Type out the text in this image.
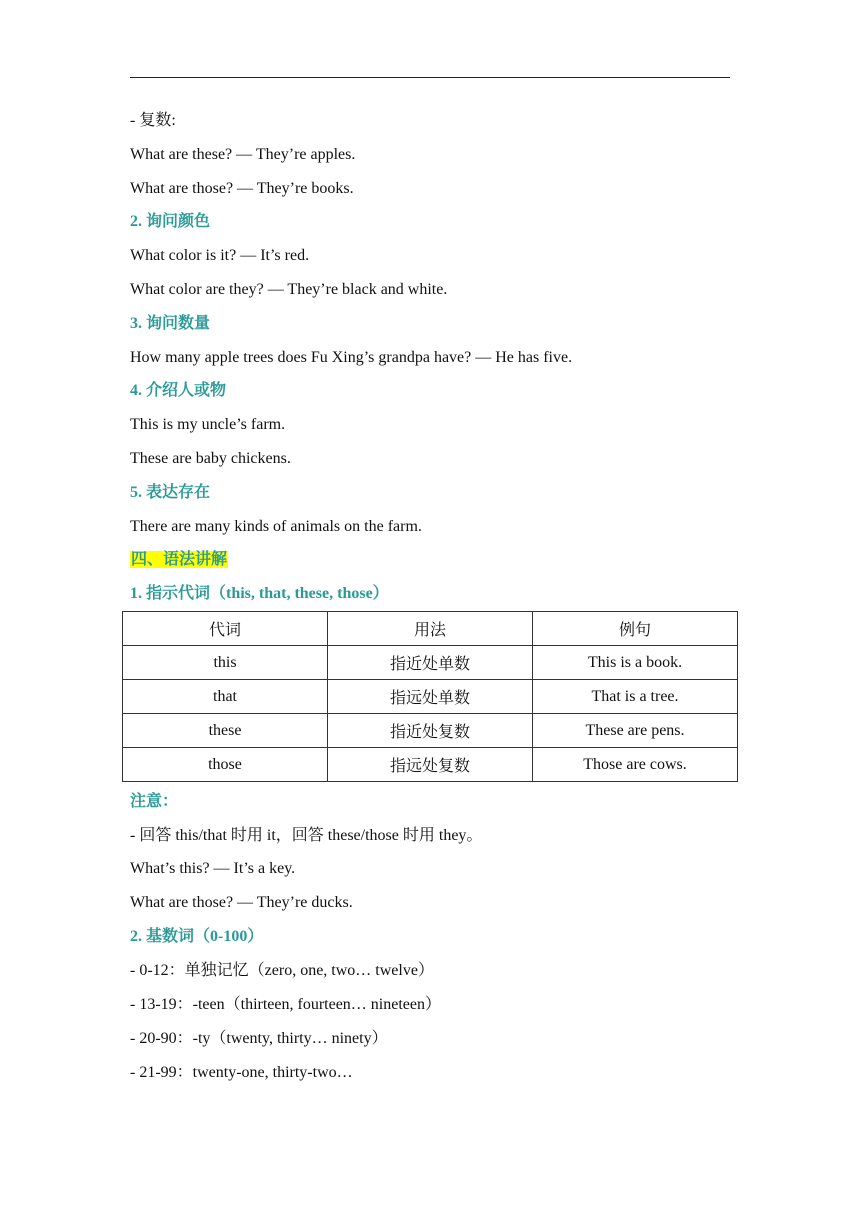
- 复数:
What are these? — They’re apples.
What are those? — They’re books.
2. 询问颜色
What color is it? — It’s red.
What color are they? — They’re black and white.
3. 询问数量
How many apple trees does Fu Xing’s grandpa have? — He has five.
4. 介绍人或物
This is my uncle’s farm.
These are baby chickens.
5. 表达存在
There are many kinds of animals on the farm.
四、语法讲解
1. 指示代词（this, that, these, those）
代词	用法	例句
this	指近处单数	This is a book.
that	指远处单数	That is a tree.
these	指近处复数	These are pens.
those	指远处复数	Those are cows.
注意：
- 回答 this/that 时用 it，回答 these/those 时用 they。
What’s this? — It’s a key.
What are those? — They’re ducks.
2. 基数词（0-100）
- 0-12：单独记忆（zero, one, two… twelve）
- 13-19：-teen（thirteen, fourteen… nineteen）
- 20-90：-ty（twenty, thirty… ninety）
- 21-99：twenty-one, thirty-two…
